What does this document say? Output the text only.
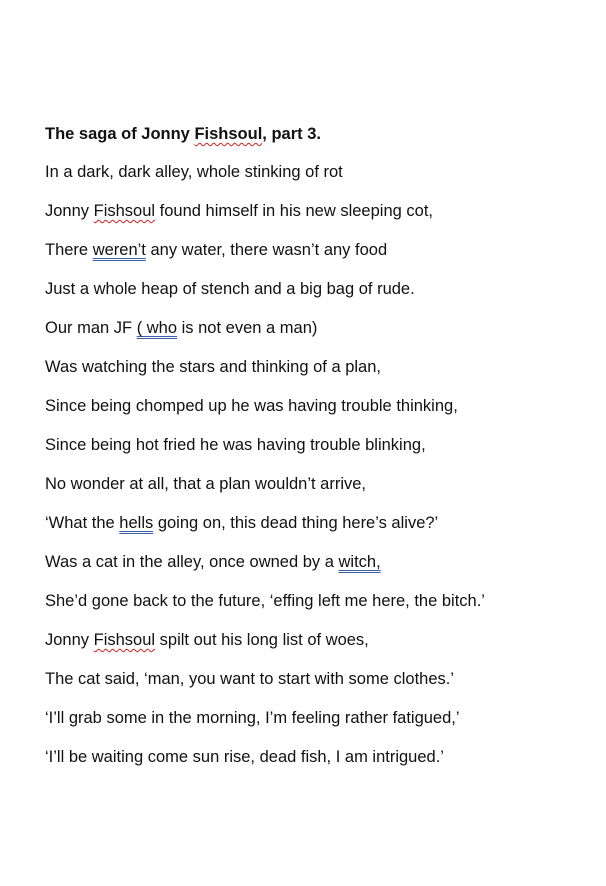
The saga of Jonny Fishsoul, part 3.
In a dark, dark alley, whole stinking of rot
Jonny Fishsoul found himself in his new sleeping cot,
There weren’t any water, there wasn’t any food
Just a whole heap of stench and a big bag of rude.
Our man JF ( who is not even a man)
Was watching the stars and thinking of a plan,
Since being chomped up he was having trouble thinking,
Since being hot fried he was having trouble blinking,
No wonder at all, that a plan wouldn’t arrive,
‘What the hells going on, this dead thing here’s alive?’
Was a cat in the alley, once owned by a witch,
She’d gone back to the future, ‘effing left me here, the bitch.’
Jonny Fishsoul spilt out his long list of woes,
The cat said, ‘man, you want to start with some clothes.’
‘I’ll grab some in the morning, I’m feeling rather fatigued,’
‘I’ll be waiting come sun rise, dead fish, I am intrigued.’
